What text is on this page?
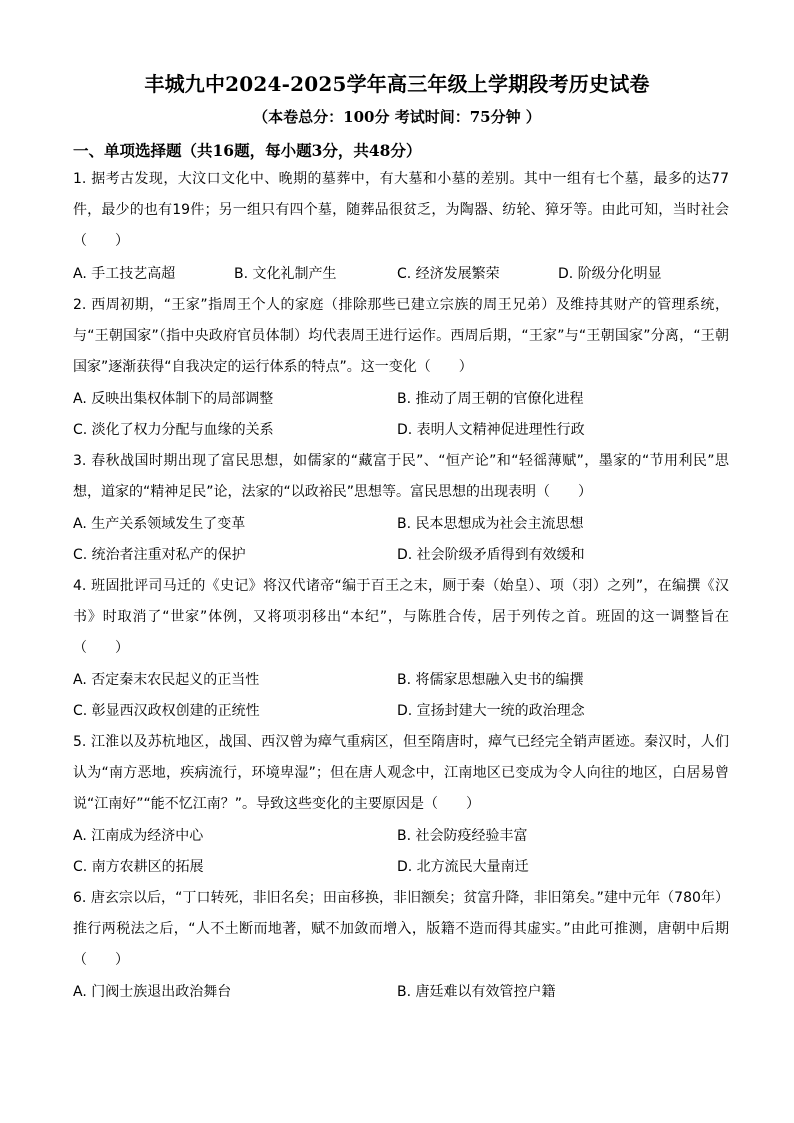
丰城九中2024-2025学年高三年级上学期段考历史试卷
（本卷总分：100分 考试时间：75分钟 ）
一、单项选择题（共16题，每小题3分，共48分）
1. 据考古发现，大汶口文化中、晚期的墓葬中，有大墓和小墓的差别。其中一组有七个墓，最多的达77件，最少的也有19件；另一组只有四个墓，随葬品很贫乏，为陶器、纺轮、獐牙等。由此可知，当时社会（　　）
A. 手工技艺高超	B. 文化礼制产生	C. 经济发展繁荣	D. 阶级分化明显
2. 西周初期，“王家”指周王个人的家庭（排除那些已建立宗族的周王兄弟）及维持其财产的管理系统，与“王朝国家”（指中央政府官员体制）均代表周王进行运作。西周后期，“王家”与“王朝国家”分离，“王朝国家”逐渐获得“自我决定的运行体系的特点”。这一变化（　　）
A. 反映出集权体制下的局部调整	B. 推动了周王朝的官僚化进程
C. 淡化了权力分配与血缘的关系	D. 表明人文精神促进理性行政
3. 春秋战国时期出现了富民思想，如儒家的“藏富于民”、“恒产论”和“轻徭薄赋”，墨家的“节用利民”思想，道家的“精神足民”论，法家的“以政裕民”思想等。富民思想的出现表明（　　）
A. 生产关系领域发生了变革	B. 民本思想成为社会主流思想
C. 统治者注重对私产的保护	D. 社会阶级矛盾得到有效缓和
4. 班固批评司马迁的《史记》将汉代诸帝“编于百王之末，厕于秦（始皇）、项（羽）之列”，在编撰《汉书》时取消了“世家”体例，又将项羽移出“本纪”，与陈胜合传，居于列传之首。班固的这一调整旨在（　　）
A. 否定秦末农民起义的正当性	B. 将儒家思想融入史书的编撰
C. 彰显西汉政权创建的正统性	D. 宣扬封建大一统的政治理念
5. 江淮以及苏杭地区，战国、西汉曾为瘴气重病区，但至隋唐时，瘴气已经完全销声匿迹。秦汉时，人们认为“南方恶地，疾病流行，环境卑湿”；但在唐人观念中，江南地区已变成为令人向往的地区，白居易曾说“江南好”“能不忆江南？”。导致这些变化的主要原因是（　　）
A. 江南成为经济中心	B. 社会防疫经验丰富
C. 南方农耕区的拓展	D. 北方流民大量南迁
6. 唐玄宗以后，“丁口转死，非旧名矣；田亩移换，非旧额矣；贫富升降，非旧第矣。”建中元年（780年）推行两税法之后，“人不土断而地著，赋不加敛而增入，版籍不造而得其虚实。”由此可推测，唐朝中后期（　　）
A. 门阀士族退出政治舞台	B. 唐廷难以有效管控户籍
